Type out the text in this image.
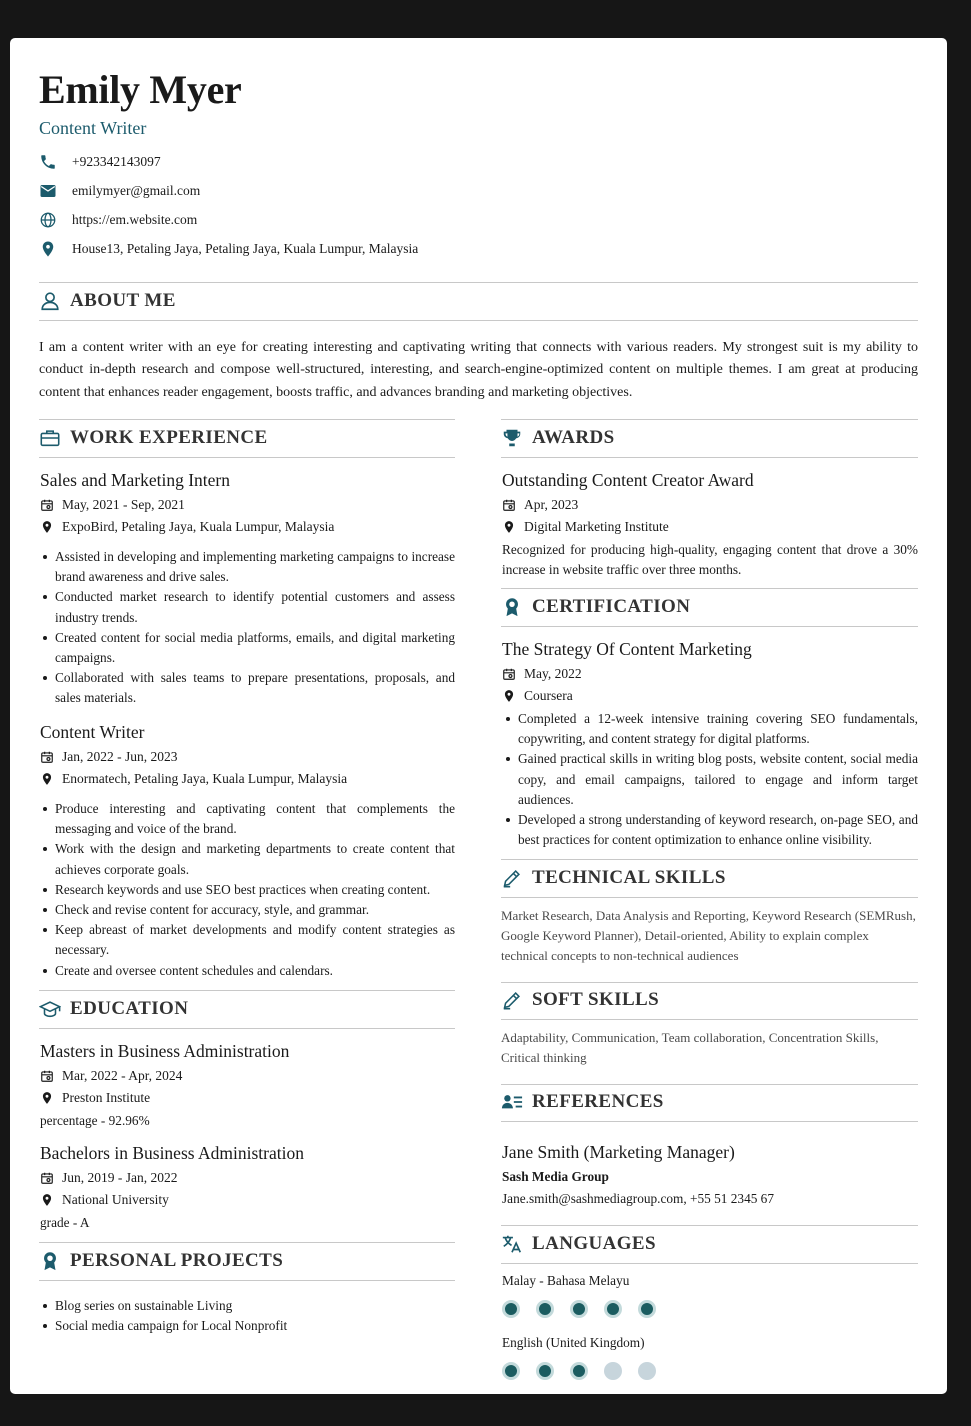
Emily Myer
Content Writer
+923342143097
emilymyer@gmail.com
https://em.website.com
House13, Petaling Jaya, Petaling Jaya, Kuala Lumpur, Malaysia
ABOUT ME
I am a content writer with an eye for creating interesting and captivating writing that connects with various readers. My strongest suit is my ability to conduct in-depth research and compose well-structured, interesting, and search-engine-optimized content on multiple themes. I am great at producing content that enhances reader engagement, boosts traffic, and advances branding and marketing objectives.
WORK EXPERIENCE
Sales and Marketing Intern
May, 2021 - Sep, 2021
ExpoBird, Petaling Jaya, Kuala Lumpur, Malaysia
Assisted in developing and implementing marketing campaigns to increase brand awareness and drive sales.
Conducted market research to identify potential customers and assess industry trends.
Created content for social media platforms, emails, and digital marketing campaigns.
Collaborated with sales teams to prepare presentations, proposals, and sales materials.
Content Writer
Jan, 2022 - Jun, 2023
Enormatech, Petaling Jaya, Kuala Lumpur, Malaysia
Produce interesting and captivating content that complements the messaging and voice of the brand.
Work with the design and marketing departments to create content that achieves corporate goals.
Research keywords and use SEO best practices when creating content.
Check and revise content for accuracy, style, and grammar.
Keep abreast of market developments and modify content strategies as necessary.
Create and oversee content schedules and calendars.
EDUCATION
Masters in Business Administration
Mar, 2022 - Apr, 2024
Preston Institute
percentage - 92.96%
Bachelors in Business Administration
Jun, 2019 - Jan, 2022
National University
grade - A
PERSONAL PROJECTS
Blog series on sustainable Living
Social media campaign for Local Nonprofit
AWARDS
Outstanding Content Creator Award
Apr, 2023
Digital Marketing Institute
Recognized for producing high-quality, engaging content that drove a 30% increase in website traffic over three months.
CERTIFICATION
The Strategy Of Content Marketing
May, 2022
Coursera
Completed a 12-week intensive training covering SEO fundamentals, copywriting, and content strategy for digital platforms.
Gained practical skills in writing blog posts, website content, social media copy, and email campaigns, tailored to engage and inform target audiences.
Developed a strong understanding of keyword research, on-page SEO, and best practices for content optimization to enhance online visibility.
TECHNICAL SKILLS
Market Research, Data Analysis and Reporting, Keyword Research (SEMRush, Google Keyword Planner), Detail-oriented, Ability to explain complex technical concepts to non-technical audiences
SOFT SKILLS
Adaptability, Communication, Team collaboration, Concentration Skills, Critical thinking
REFERENCES
Jane Smith (Marketing Manager)
Sash Media Group
Jane.smith@sashmediagroup.com, +55 51 2345 67
LANGUAGES
Malay - Bahasa Melayu
English (United Kingdom)
